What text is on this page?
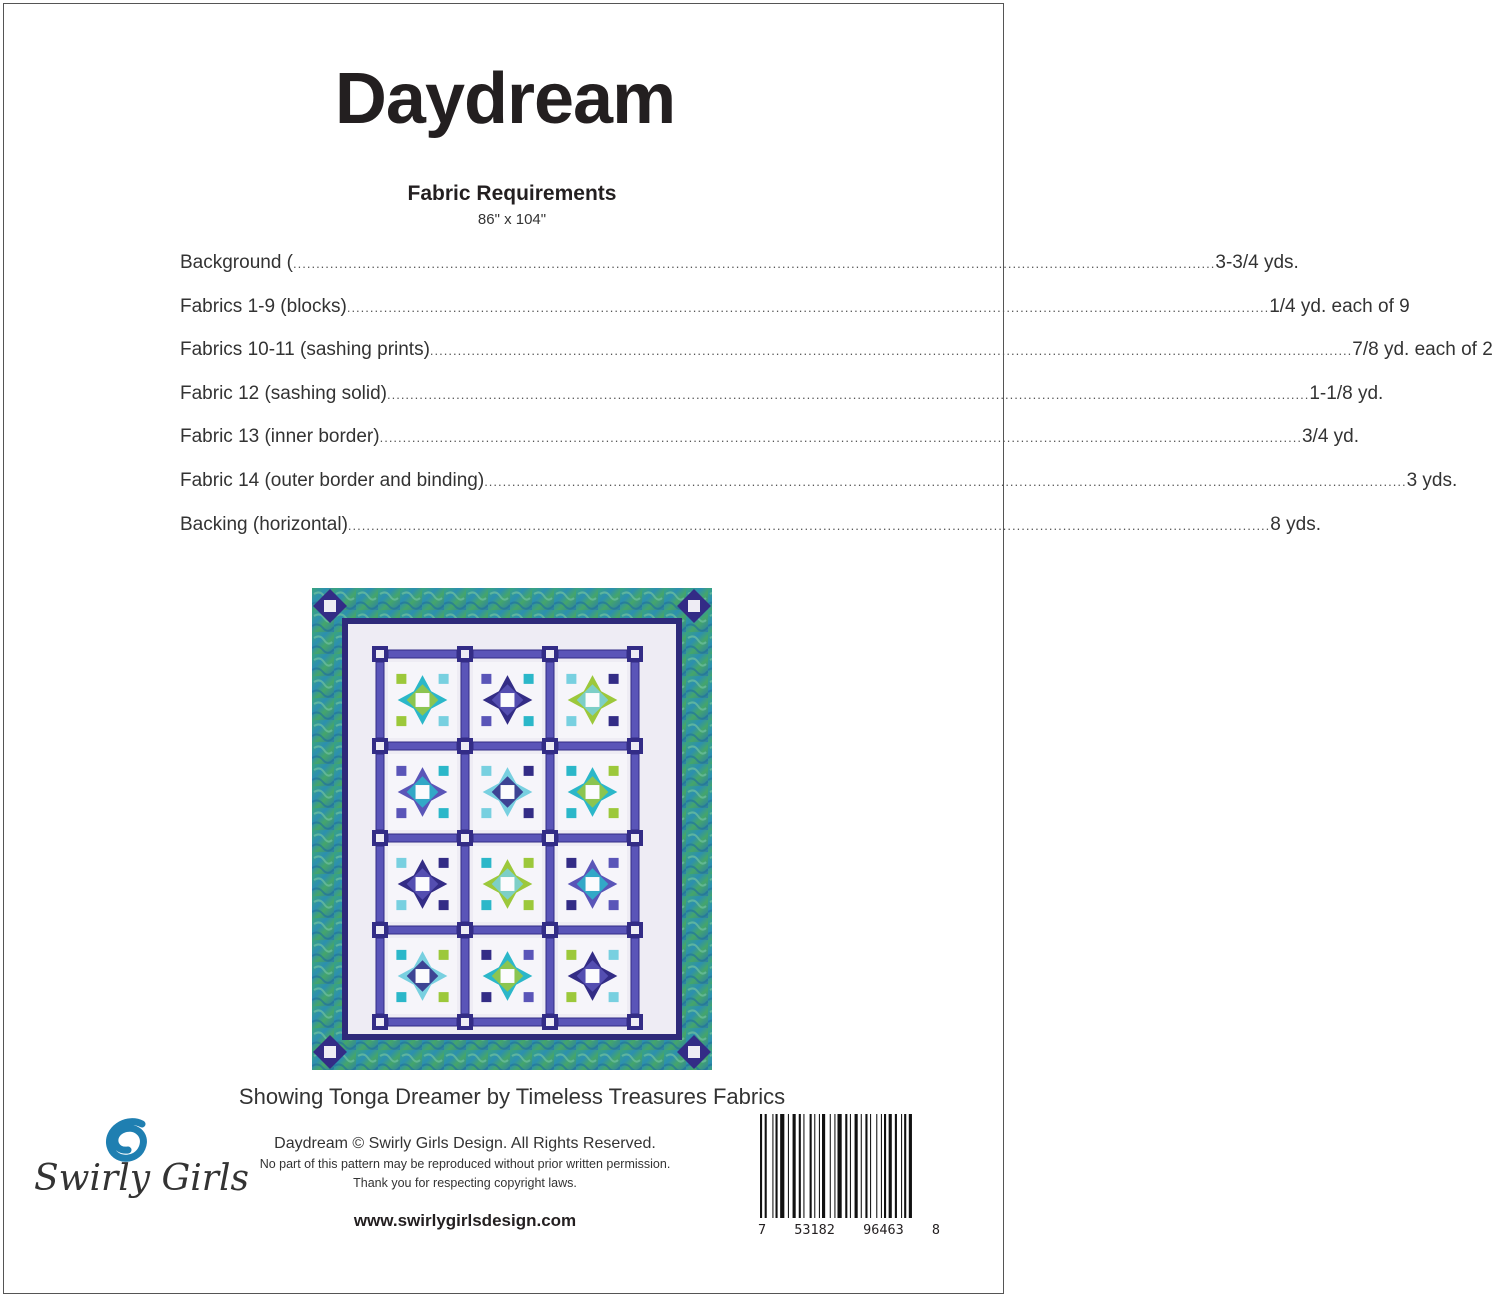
Daydream
Fabric Requirements
86" x 104"
Background ( ........................................................................................................................................................................................................ 3-3/4 yds.
Fabrics 1-9 (blocks) ........................................................................................................................................................................................................ 1/4 yd. each of 9
Fabrics 10-11 (sashing prints) ........................................................................................................................................................................................................ 7/8 yd. each of 2
Fabric 12 (sashing solid) ........................................................................................................................................................................................................ 1-1/8 yd.
Fabric 13 (inner border) ........................................................................................................................................................................................................ 3/4 yd.
Fabric 14 (outer border and binding) ........................................................................................................................................................................................................ 3 yds.
Backing (horizontal) ........................................................................................................................................................................................................ 8 yds.
Showing Tonga Dreamer by Timeless Treasures Fabrics
Swirly Girls
Daydream © Swirly Girls Design. All Rights Reserved.
No part of this pattern may be reproduced without prior written permission.
Thank you for respecting copyright laws.
www.swirlygirlsdesign.com	7 53182 96463 8
